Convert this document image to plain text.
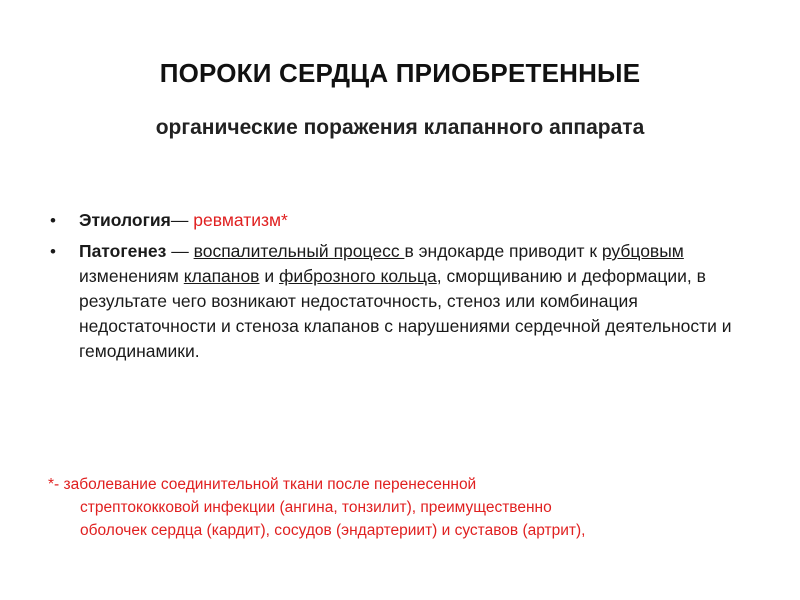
ПОРОКИ СЕРДЦА ПРИОБРЕТЕННЫЕ
органические поражения клапанного аппарата
• Этиология— ревматизм*
• Патогенез — воспалительный процесс в эндокарде приводит к рубцовым изменениям клапанов и фиброзного кольца, сморщиванию и деформации, в результате чего возникают недостаточность, стеноз или комбинация недостаточности и стеноза клапанов с нарушениями сердечной деятельности и гемодинамики.
*- заболевание соединительной ткани после перенесенной
стрептококковой инфекции (ангина, тонзилит), преимущественно
оболочек сердца (кардит), сосудов (эндартериит) и суставов (артрит),
